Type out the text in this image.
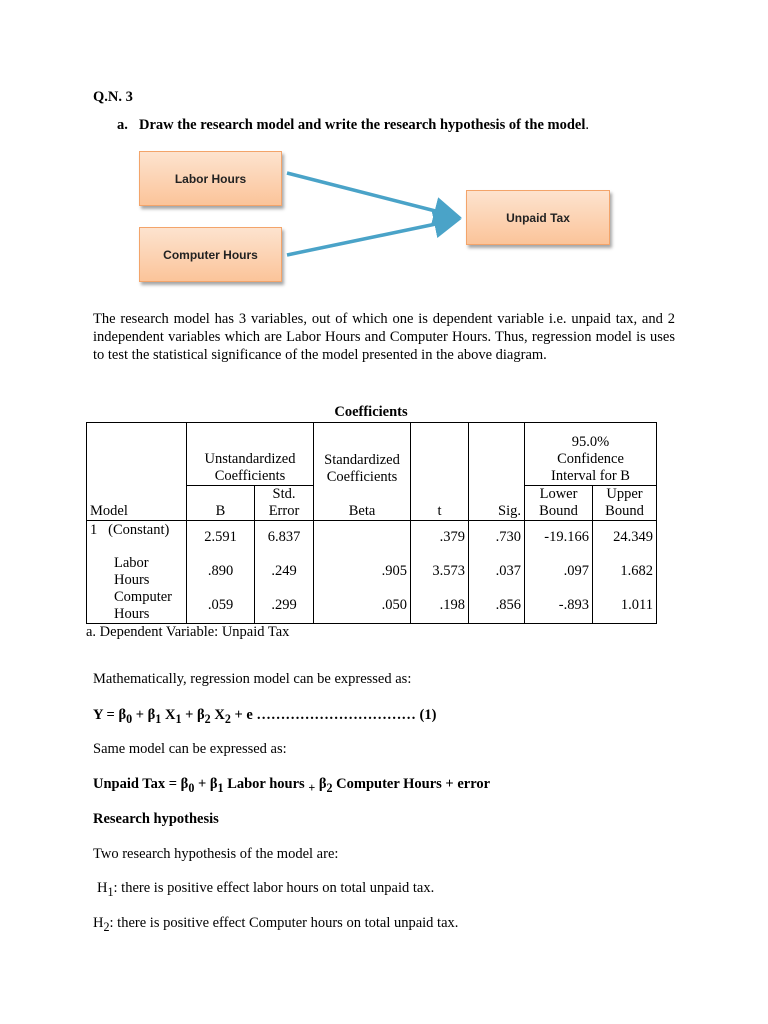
Q.N. 3
a. Draw the research model and write the research hypothesis of the model.
Labor Hours
Computer Hours
Unpaid Tax
The research model has 3 variables, out of which one is dependent variable i.e. unpaid tax, and 2 independent variables which are Labor Hours and Computer Hours. Thus, regression model is uses to test the statistical significance of the model presented in the above diagram.
Coefficients
Model	Unstandardized Coefficients		Standardized Coefficients	t	Sig.	95.0% Confidence Interval for B	
	B	Std. Error	Beta			Lower Bound	Upper Bound
1 (Constant)	2.591	6.837		.379	.730	-19.166	24.349
Labor Hours	.890	.249	.905	3.573	.037	.097	1.682
Computer Hours	.059	.299	.050	.198	.856	-.893	1.011
a. Dependent Variable: Unpaid Tax
Mathematically, regression model can be expressed as:
$Y = \beta_0 + \beta_1$ $X_1 + \beta_2$ $X_2 + e$ …………………………… (1)
Same model can be expressed as:
Unpaid Tax = $\beta_0 + \beta_1$ Labor hours $_+$ $\beta_2$ Computer Hours + error
Research hypothesis
Two research hypothesis of the model are:
$H_1$: there is positive effect labor hours on total unpaid tax.
$H_2$: there is positive effect Computer hours on total unpaid tax.
